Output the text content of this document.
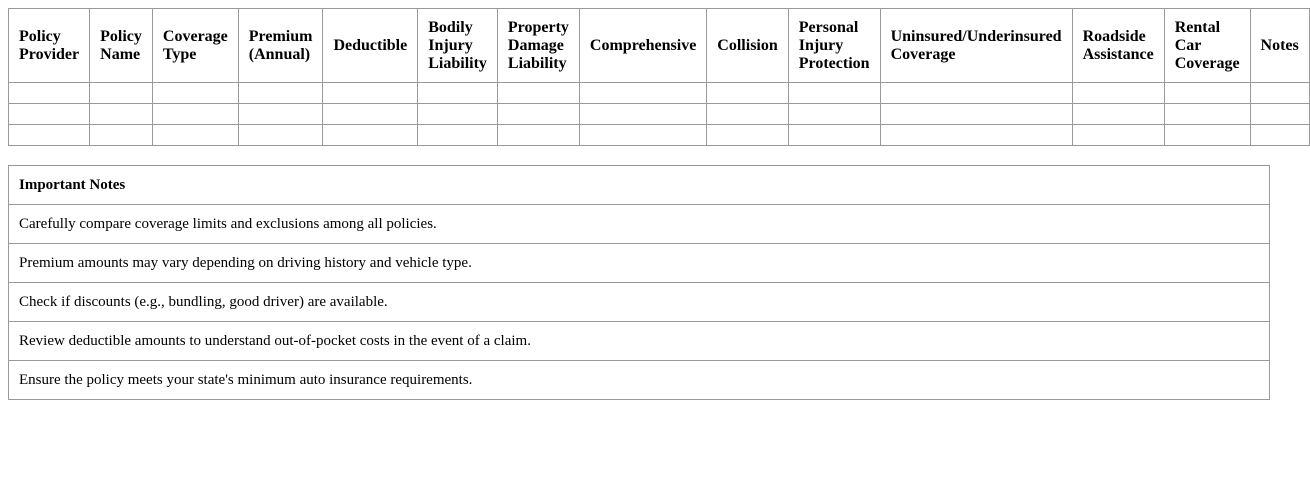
Policy Provider	Policy Name	Coverage Type	Premium (Annual)	Deductible	Bodily Injury Liability	Property Damage Liability	Comprehensive	Collision	Personal Injury Protection	Uninsured/Underinsured Coverage	Roadside Assistance	Rental Car Coverage	Notes

Important Notes
Carefully compare coverage limits and exclusions among all policies.
Premium amounts may vary depending on driving history and vehicle type.
Check if discounts (e.g., bundling, good driver) are available.
Review deductible amounts to understand out-of-pocket costs in the event of a claim.
Ensure the policy meets your state's minimum auto insurance requirements.
